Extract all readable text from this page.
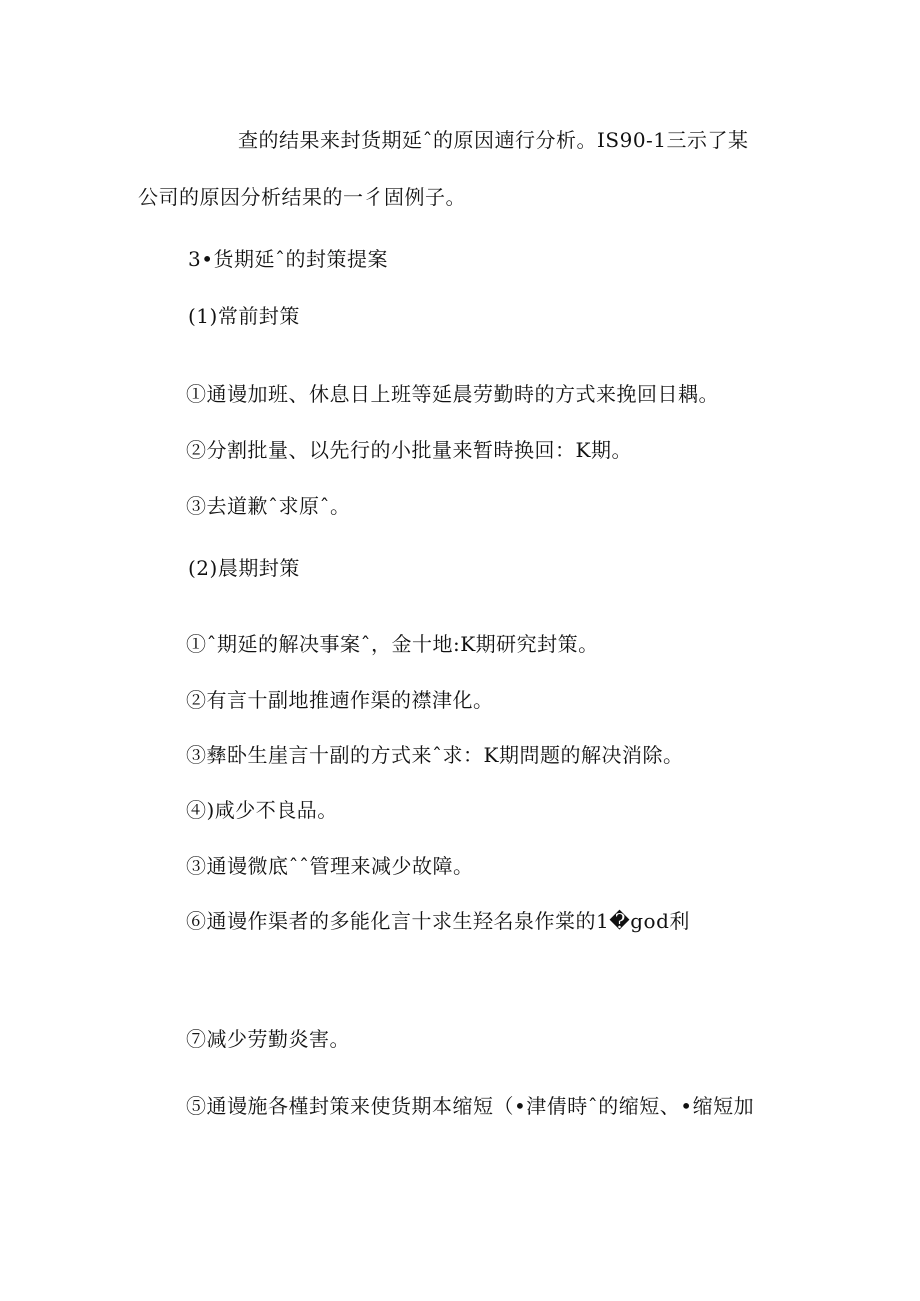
查的结果来封货期延ˆ的原因遖行分析。IS90-1三示了某
公司的原因分析结果的一彳固例子。
3•货期延ˆ的封策提案
(1)常前封策
①通谩加班、休息日上班等延晨劳勤時的方式来挽回日耦。
②分割批量、以先行的小批量来暂時换回：K期。
③去道歉ˆ求原ˆ。
(2)晨期封策
①ˆ期延的解决事案ˆ，金十地:K期研究封策。
②有言十副地推遖作渠的襟津化。
③彝卧生崖言十副的方式来ˆ求：K期問题的解决消除。
④)咸少不良品。
③通谩微底ˆˆ管理来减少故障。
⑥通谩作渠者的多能化言十求生羟名泉作棠的1�god利
⑦减少劳勤炎害。
⑤通谩施各槿封策来使货期本缩短（•津倩時ˆ的缩短、•缩短加
